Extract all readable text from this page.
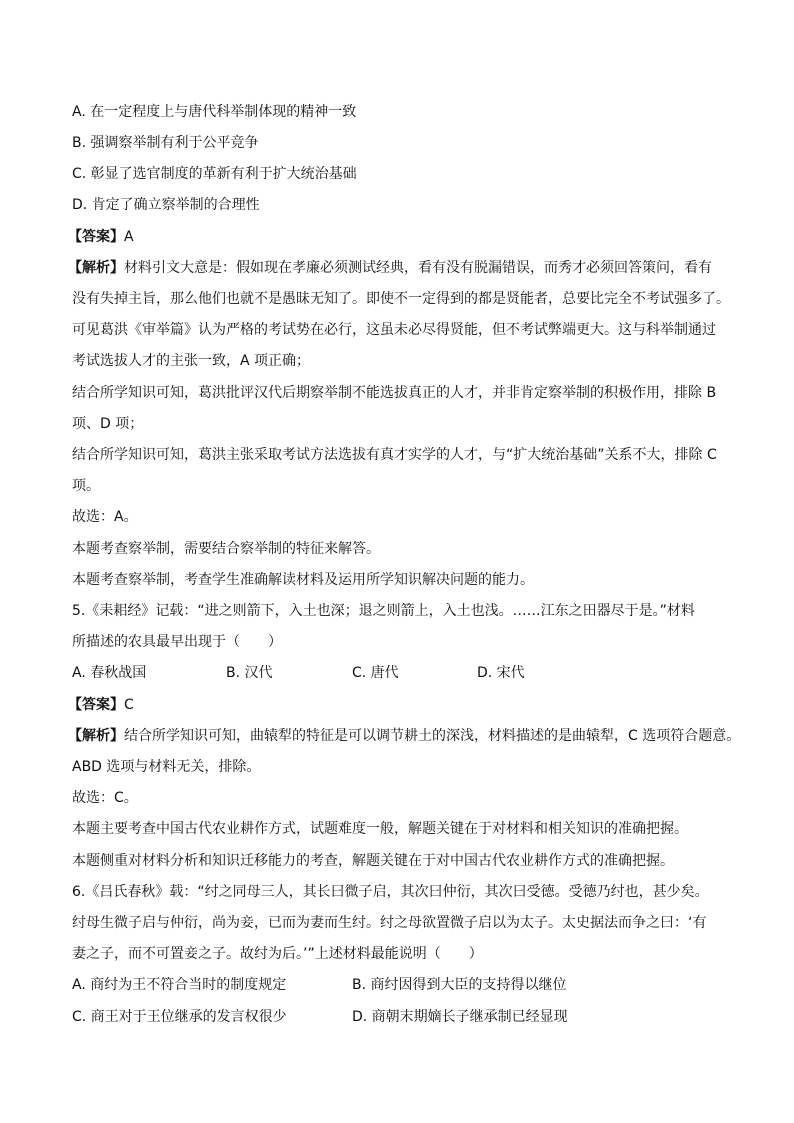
A. 在一定程度上与唐代科举制体现的精神一致
B. 强调察举制有利于公平竞争
C. 彰显了选官制度的革新有利于扩大统治基础
D. 肯定了确立察举制的合理性
【答案】A
【解析】材料引文大意是：假如现在孝廉必须测试经典，看有没有脱漏错误，而秀才必须回答策问，看有
没有失掉主旨，那么他们也就不是愚昧无知了。即使不一定得到的都是贤能者，总要比完全不考试强多了。
可见葛洪《审举篇》认为严格的考试势在必行，这虽未必尽得贤能，但不考试弊端更大。这与科举制通过
考试选拔人才的主张一致，A 项正确；
结合所学知识可知，葛洪批评汉代后期察举制不能选拔真正的人才，并非肯定察举制的积极作用，排除 B
项、D 项；
结合所学知识可知，葛洪主张采取考试方法选拔有真才实学的人才，与“扩大统治基础”关系不大，排除 C
项。
故选：A。
本题考查察举制，需要结合察举制的特征来解答。
本题考查察举制，考查学生准确解读材料及运用所学知识解决问题的能力。
5.《耒耜经》记载：“进之则箭下，入土也深；退之则箭上，入土也浅。……江东之田器尽于是。”材料
所描述的农具最早出现于（　　）
A. 春秋战国	B. 汉代	C. 唐代	D. 宋代
【答案】C
【解析】结合所学知识可知，曲辕犁的特征是可以调节耕土的深浅，材料描述的是曲辕犁，C 选项符合题意。
ABD 选项与材料无关，排除。
故选：C。
本题主要考查中国古代农业耕作方式，试题难度一般，解题关键在于对材料和相关知识的准确把握。
本题侧重对材料分析和知识迁移能力的考查，解题关键在于对中国古代农业耕作方式的准确把握。
6.《吕氏春秋》载：“纣之同母三人，其长曰微子启，其次曰仲衍，其次曰受德。受德乃纣也，甚少矣。
纣母生微子启与仲衍，尚为妾，已而为妻而生纣。纣之母欲置微子启以为太子。太史据法而争之曰：‘有
妻之子，而不可置妾之子。故纣为后。’”上述材料最能说明（　　）
A. 商纣为王不符合当时的制度规定	B. 商纣因得到大臣的支持得以继位
C. 商王对于王位继承的发言权很少	D. 商朝末期嫡长子继承制已经显现
